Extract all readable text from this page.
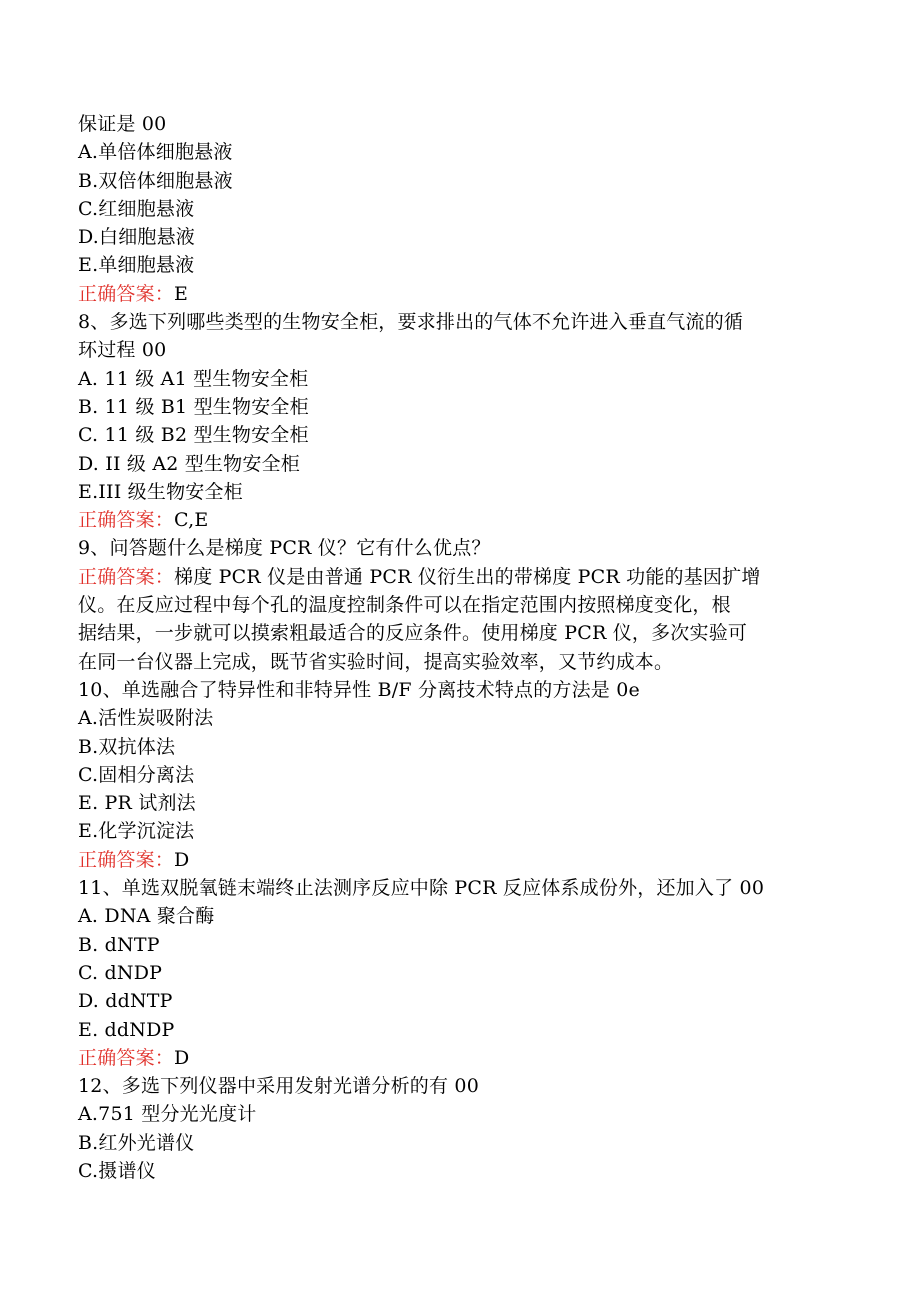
保证是 00
A.单倍体细胞悬液
B.双倍体细胞悬液
C.红细胞悬液
D.白细胞悬液
E.单细胞悬液
正确答案：E
8、多选下列哪些类型的生物安全柜，要求排出的气体不允许进入垂直气流的循
环过程 00
A. 11 级 A1 型生物安全柜
B. 11 级 B1 型生物安全柜
C. 11 级 B2 型生物安全柜
D. II 级 A2 型生物安全柜
E.III 级生物安全柜
正确答案：C,E
9、问答题什么是梯度 PCR 仪？它有什么优点？
正确答案：梯度 PCR 仪是由普通 PCR 仪衍生出的带梯度 PCR 功能的基因扩增
仪。在反应过程中每个孔的温度控制条件可以在指定范围内按照梯度变化，根
据结果，一步就可以摸索粗最适合的反应条件。使用梯度 PCR 仪，多次实验可
在同一台仪器上完成，既节省实验时间，提高实验效率，又节约成本。
10、单选融合了特异性和非特异性 B/F 分离技术特点的方法是 0e
A.活性炭吸附法
B.双抗体法
C.固相分离法
E. PR 试剂法
E.化学沉淀法
正确答案：D
11、单选双脱氧链末端终止法测序反应中除 PCR 反应体系成份外，还加入了 00
A. DNA 聚合酶
B. dNTP
C. dNDP
D. ddNTP
E. ddNDP
正确答案：D
12、多选下列仪器中采用发射光谱分析的有 00
A.751 型分光光度计
B.红外光谱仪
C.摄谱仪
